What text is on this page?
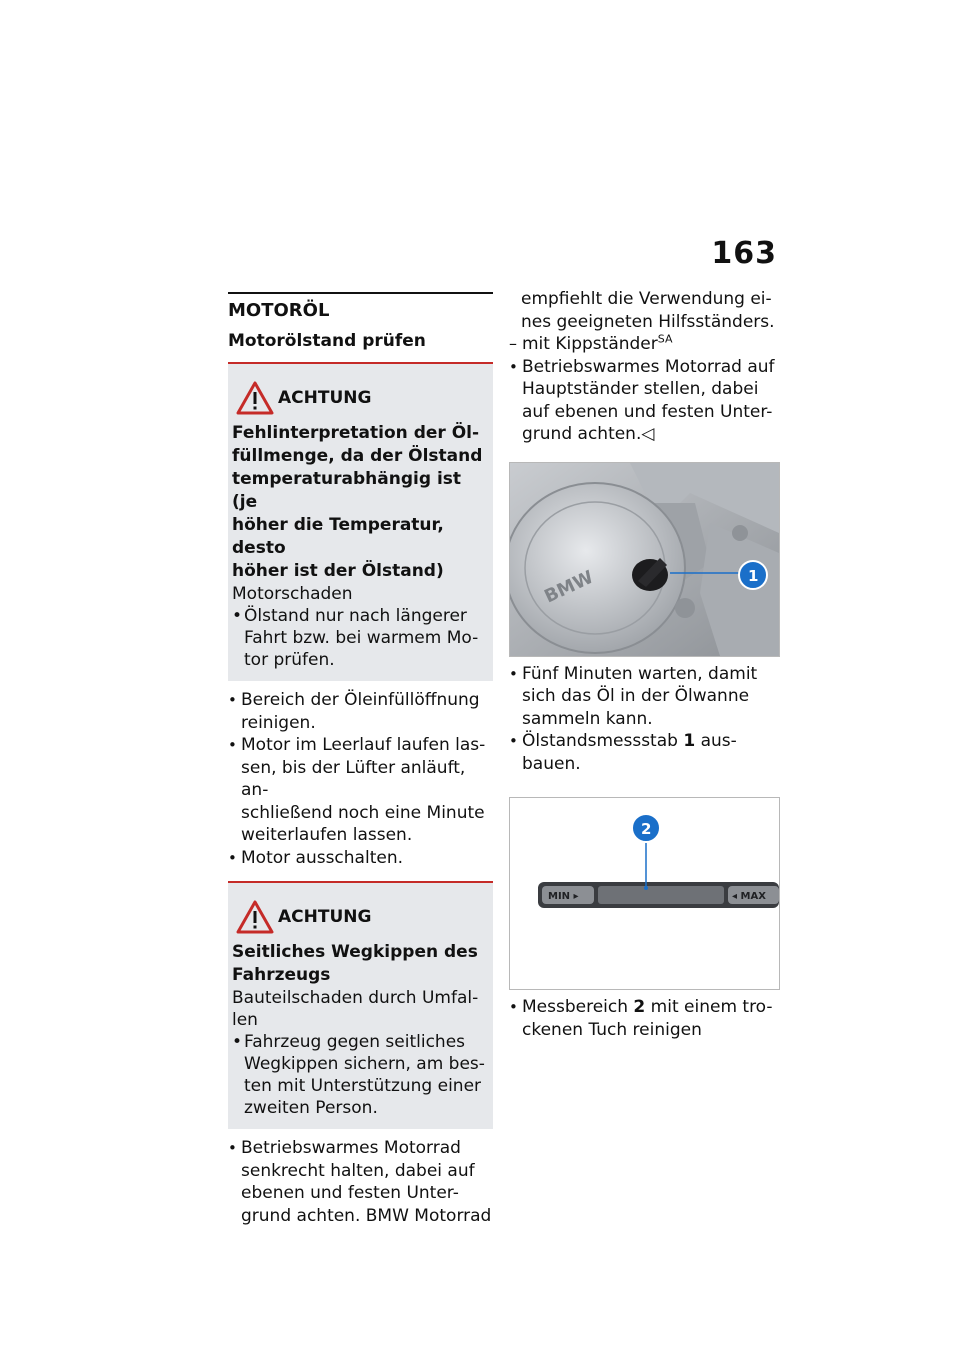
163
MOTORÖL
Motorölstand prüfen
ACHTUNG
Fehlinterpretation der Öl-
füllmenge, da der Ölstand
temperaturabhängig ist (je
höher die Temperatur, desto
höher ist der Ölstand)
Motorschaden
• Ölstand nur nach längerer
Fahrt bzw. bei warmem Mo-
tor prüfen.
• Bereich der Öleinfüllöffnung
reinigen.
• Motor im Leerlauf laufen las-
sen, bis der Lüfter anläuft, an-
schließend noch eine Minute
weiterlaufen lassen.
• Motor ausschalten.
ACHTUNG
Seitliches Wegkippen des
Fahrzeugs
Bauteilschaden durch Umfal-
len
• Fahrzeug gegen seitliches
Wegkippen sichern, am bes-
ten mit Unterstützung einer
zweiten Person.
• Betriebswarmes Motorrad
senkrecht halten, dabei auf
ebenen und festen Unter-
grund achten. BMW Motorrad
empfiehlt die Verwendung ei-
nes geeigneten Hilfsständers.
– mit Kippständer$^{SA}$
• Betriebswarmes Motorrad auf
Hauptständer stellen, dabei
auf ebenen und festen Unter-
grund achten.◁
BMW	1
• Fünf Minuten warten, damit
sich das Öl in der Ölwanne
sammeln kann.
• Ölstandsmessstab 1 aus-
bauen.
MIN ▸	◂ MAX
2
• Messbereich 2 mit einem tro-
ckenen Tuch reinigen
